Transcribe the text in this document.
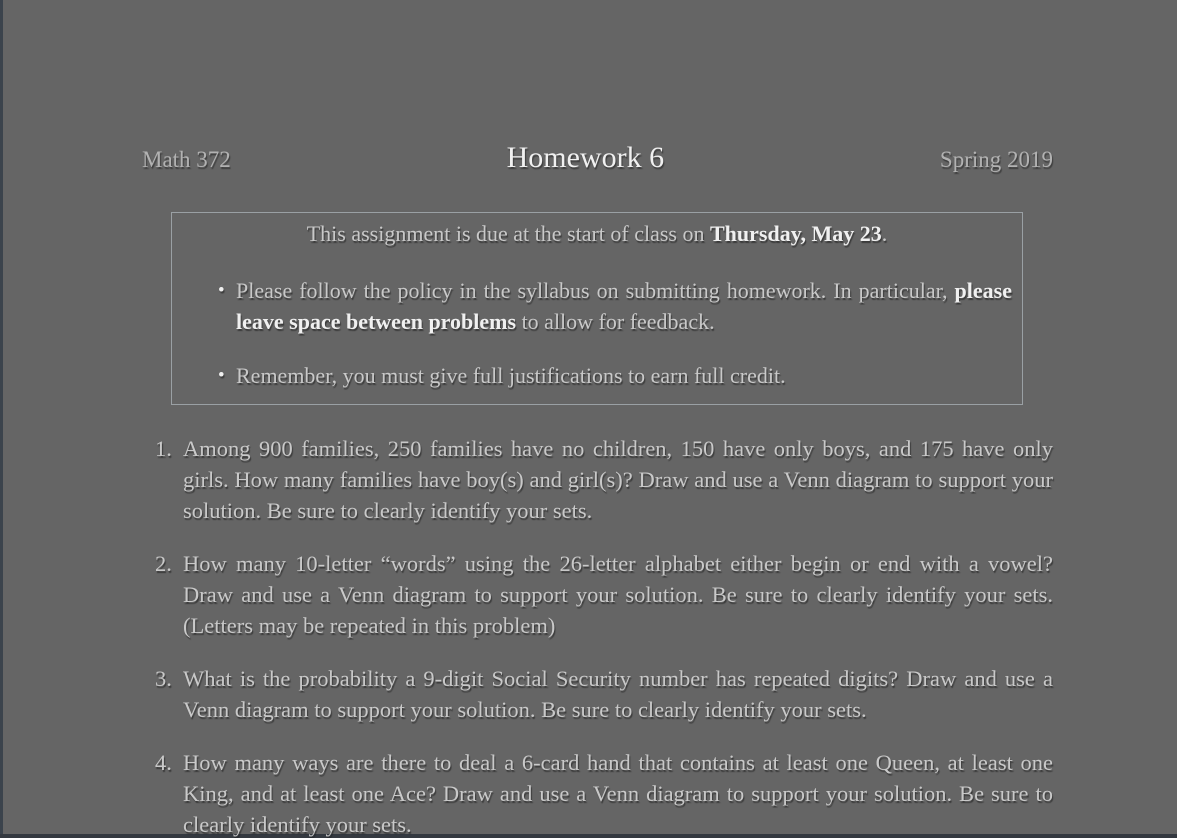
Math 372	Homework 6	Spring 2019
This assignment is due at the start of class on Thursday, May 23.
• Please follow the policy in the syllabus on submitting homework. In particular, please leave space between problems to allow for feedback.
• Remember, you must give full justifications to earn full credit.
1. Among 900 families, 250 families have no children, 150 have only boys, and 175 have only girls. How many families have boy(s) and girl(s)? Draw and use a Venn diagram to support your solution. Be sure to clearly identify your sets.
2. How many 10-letter “words” using the 26-letter alphabet either begin or end with a vowel? Draw and use a Venn diagram to support your solution. Be sure to clearly identify your sets. (Letters may be repeated in this problem)
3. What is the probability a 9-digit Social Security number has repeated digits? Draw and use a Venn diagram to support your solution. Be sure to clearly identify your sets.
4. How many ways are there to deal a 6-card hand that contains at least one Queen, at least one King, and at least one Ace? Draw and use a Venn diagram to support your solution. Be sure to clearly identify your sets.
